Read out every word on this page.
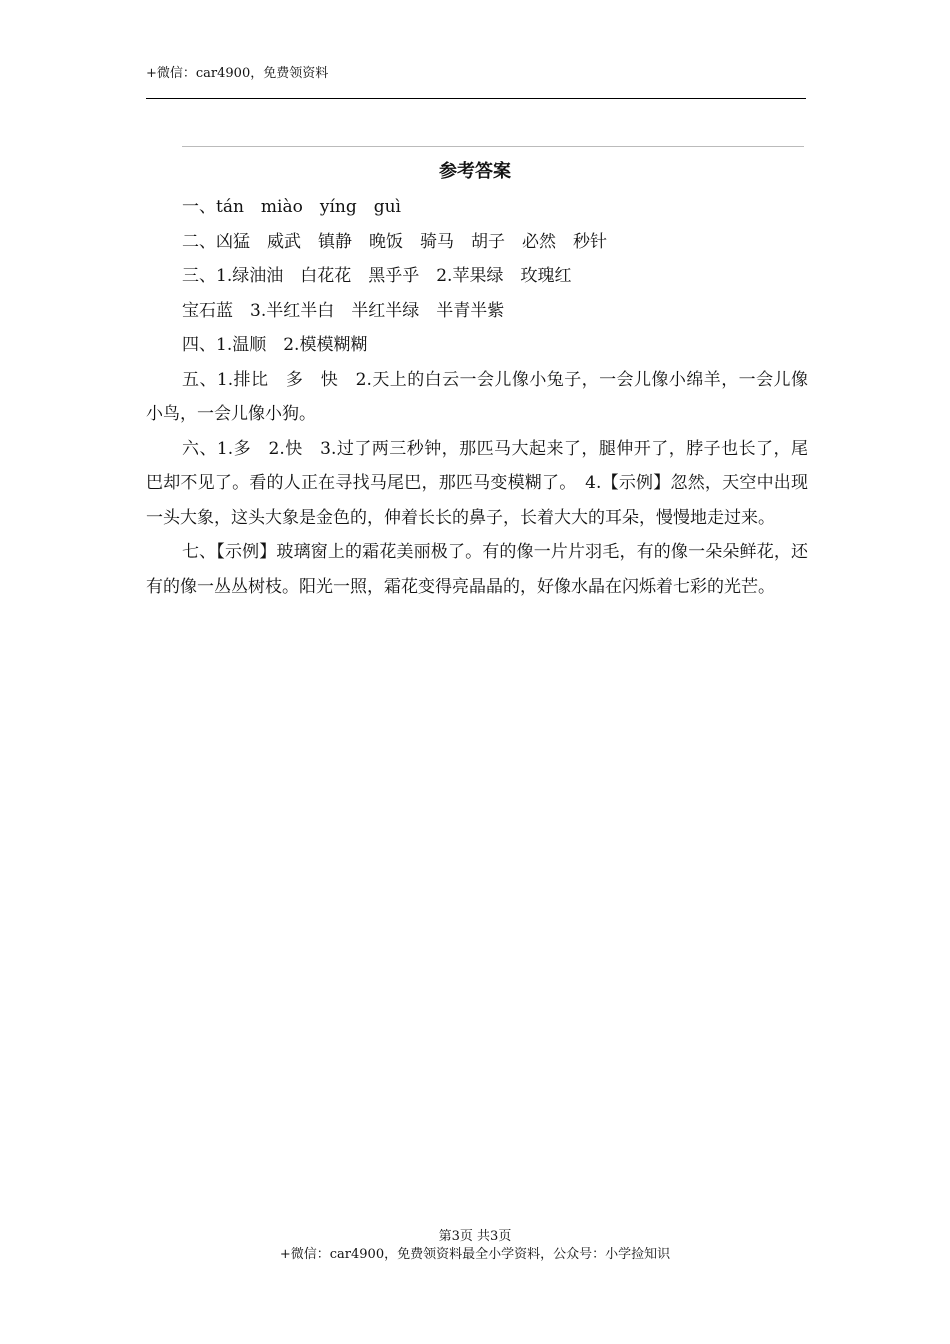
+微信：car4900，免费领资料
参考答案

一、tán　miào　yíng　guì

二、凶猛　威武　镇静　晚饭　骑马　胡子　必然　秒针

三、1.绿油油　白花花　黑乎乎　2.苹果绿　玫瑰红

宝石蓝　3.半红半白　半红半绿　半青半紫

四、1.温顺　2.模模糊糊

五、1.排比　多　快　2.天上的白云一会儿像小兔子，一会儿像小绵羊，一会儿像小鸟，一会儿像小狗。

六、1.多　2.快　3.过了两三秒钟，那匹马大起来了，腿伸开了，脖子也长了，尾巴却不见了。看的人正在寻找马尾巴，那匹马变模糊了。　4.【示例】忽然，天空中出现一头大象，这头大象是金色的，伸着长长的鼻子，长着大大的耳朵，慢慢地走过来。

七、【示例】玻璃窗上的霜花美丽极了。有的像一片片羽毛，有的像一朵朵鲜花，还有的像一丛丛树枝。阳光一照，霜花变得亮晶晶的，好像水晶在闪烁着七彩的光芒。

第3页 共3页
+微信：car4900，免费领资料最全小学资料，公众号：小学捡知识
